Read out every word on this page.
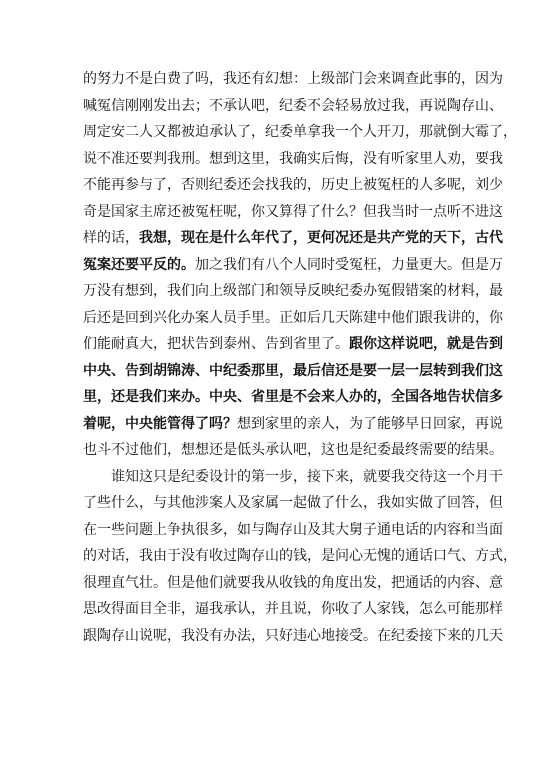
的努力不是白费了吗，我还有幻想：上级部门会来调查此事的，因为
喊冤信刚刚发出去；不承认吧，纪委不会轻易放过我，再说陶存山、
周定安二人又都被迫承认了，纪委单拿我一个人开刀，那就倒大霉了，
说不准还要判我刑。想到这里，我确实后悔，没有听家里人劝，要我
不能再参与了，否则纪委还会找我的，历史上被冤枉的人多呢，刘少
奇是国家主席还被冤枉呢，你又算得了什么？但我当时一点听不进这
样的话，我想，现在是什么年代了，更何况还是共产党的天下，古代
冤案还要平反的。加之我们有八个人同时受冤枉，力量更大。但是万
万没有想到，我们向上级部门和领导反映纪委办冤假错案的材料，最
后还是回到兴化办案人员手里。正如后几天陈建中他们跟我讲的，你
们能耐真大，把状告到泰州、告到省里了。跟你这样说吧，就是告到
中央、告到胡锦涛、中纪委那里，最后信还是要一层一层转到我们这
里，还是我们来办。中央、省里是不会来人办的，全国各地告状信多
着呢，中央能管得了吗？想到家里的亲人，为了能够早日回家，再说
也斗不过他们，想想还是低头承认吧，这也是纪委最终需要的结果。
谁知这只是纪委设计的第一步，接下来，就要我交待这一个月干
了些什么，与其他涉案人及家属一起做了什么，我如实做了回答，但
在一些问题上争执很多，如与陶存山及其大舅子通电话的内容和当面
的对话，我由于没有收过陶存山的钱，是问心无愧的通话口气、方式，
很理直气壮。但是他们就要我从收钱的角度出发，把通话的内容、意
思改得面目全非，逼我承认，并且说，你收了人家钱，怎么可能那样
跟陶存山说呢，我没有办法，只好违心地接受。在纪委接下来的几天
